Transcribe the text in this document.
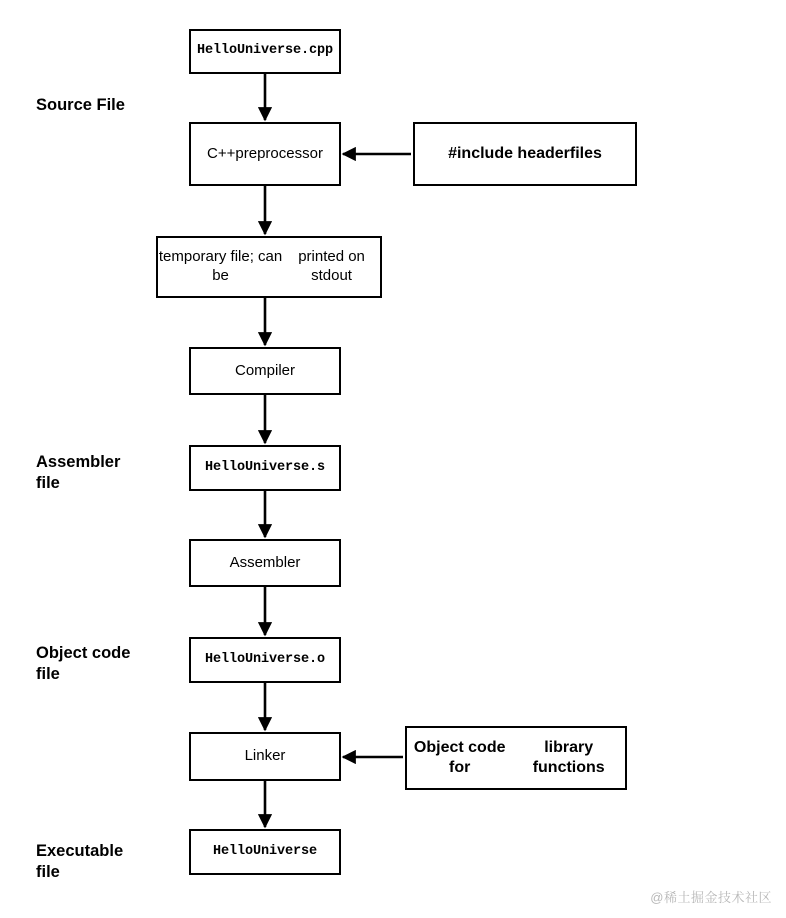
HelloUniverse.cpp
C++ preprocessor	#include header files
temporary file; can be

printed on stdout
Compiler
HelloUniverse.s
Assembler
HelloUniverse.o
Linker	Object code for

library functions
HelloUniverse
Source File
Assembler
file
Object code
file
Executable
file
@稀土掘金技术社区
